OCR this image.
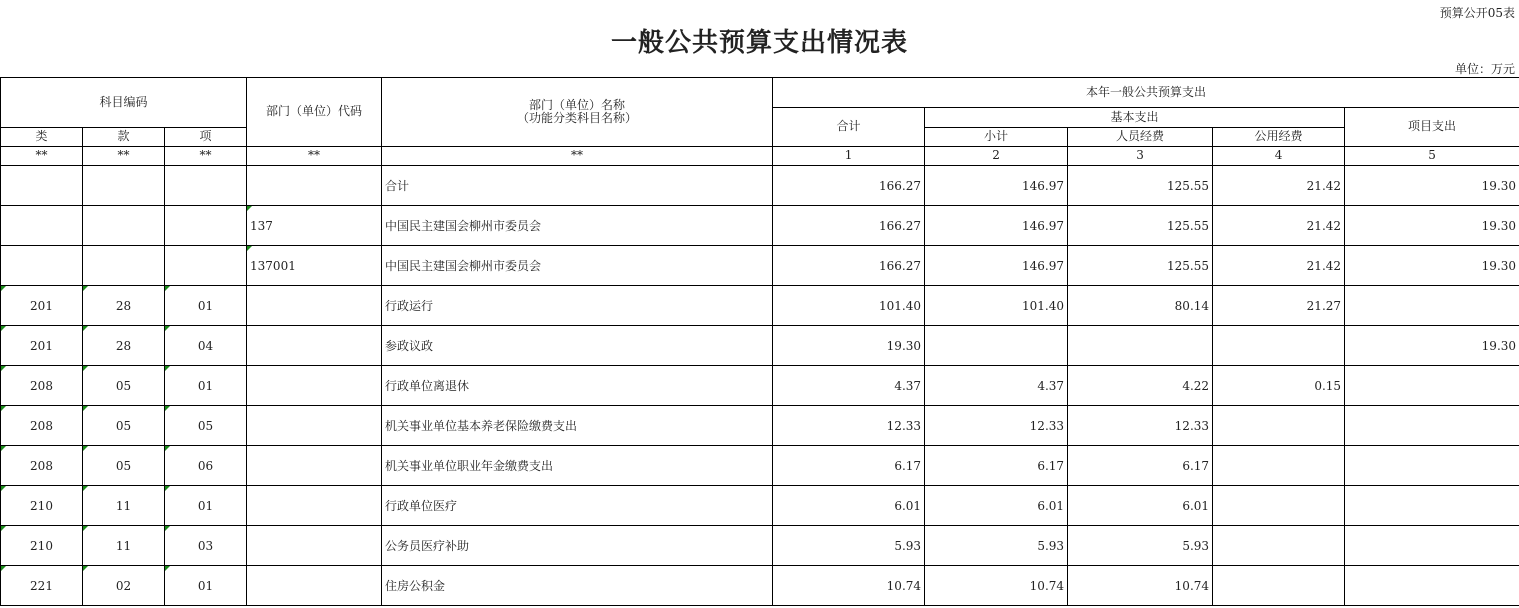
预算公开05表
一般公共预算支出情况表
单位：万元
科目编码			部门（单位）代码	部门（单位）名称
（功能分类科目名称）	本年一般公共预算支出				
					合计	基本支出			项目支出
类	款	项				小计	人员经费	公用经费	
**	**	**	**	**	1	2	3	4	5
				合计	166.27	146.97	125.55	21.42	19.30
			137	中国民主建国会柳州市委员会	166.27	146.97	125.55	21.42	19.30
			137001	中国民主建国会柳州市委员会	166.27	146.97	125.55	21.42	19.30
201	28	01		行政运行	101.40	101.40	80.14	21.27	
201	28	04		参政议政	19.30				19.30
208	05	01		行政单位离退休	4.37	4.37	4.22	0.15	
208	05	05		机关事业单位基本养老保险缴费支出	12.33	12.33	12.33		
208	05	06		机关事业单位职业年金缴费支出	6.17	6.17	6.17		
210	11	01		行政单位医疗	6.01	6.01	6.01		
210	11	03		公务员医疗补助	5.93	5.93	5.93		
221	02	01		住房公积金	10.74	10.74	10.74		
